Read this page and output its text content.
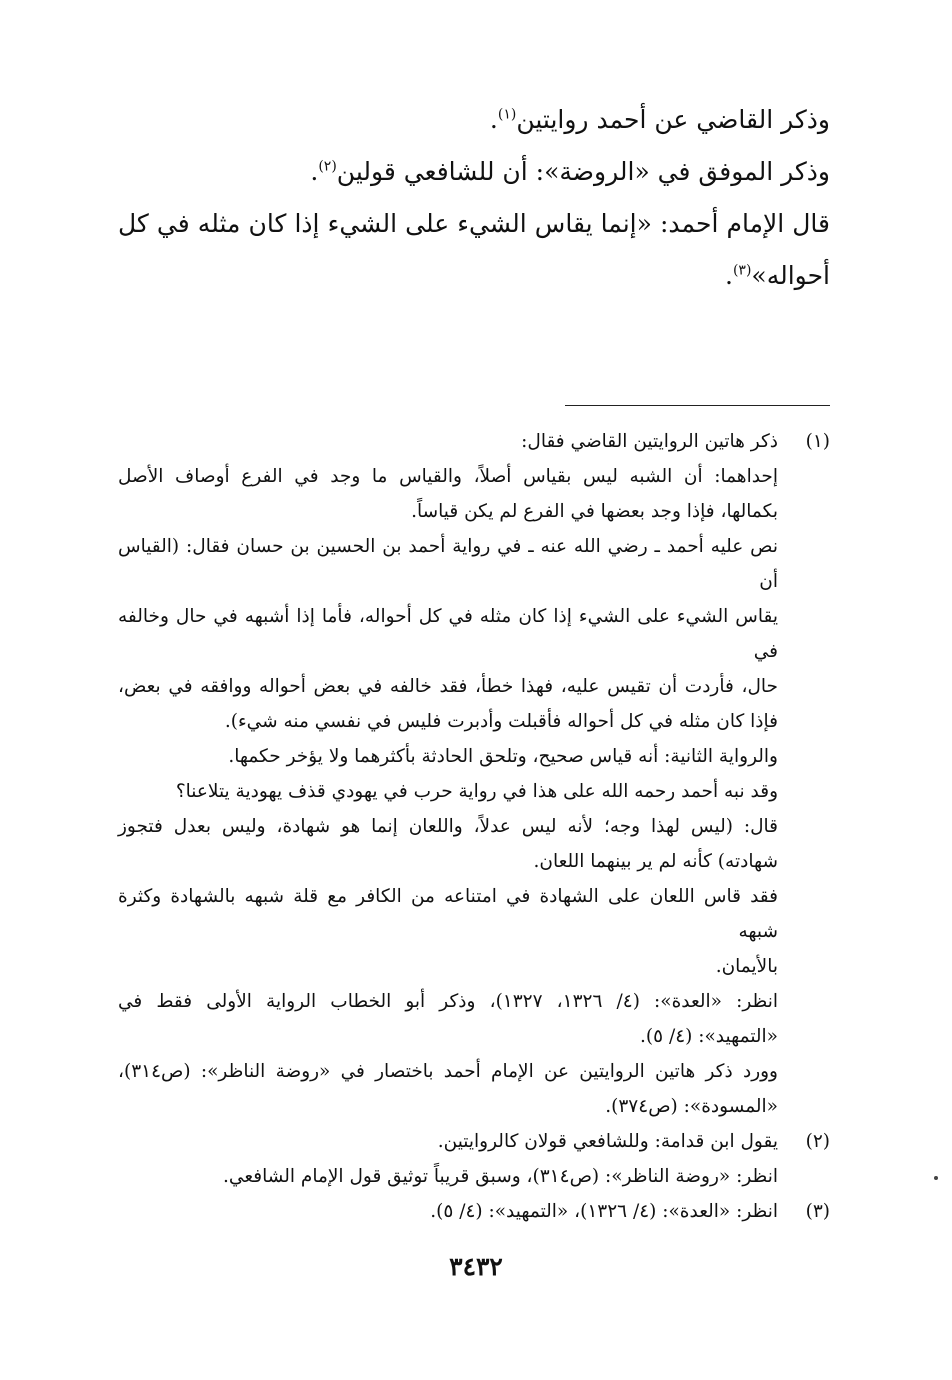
وذكر القاضي عن أحمد روايتين$^{(١)}$.

وذكر الموفق في «الروضة»: أن للشافعي قولين$^{(٢)}$.

قال الإمام أحمد: «إنما يقاس الشيء على الشيء إذا كان مثله في كل

أحواله»$^{(٣)}$.

(١)
ذكر هاتين الروايتين القاضي فقال:
إحداهما: أن الشبه ليس بقياس أصلاً، والقياس ما وجد في الفرع أوصاف الأصل
بكمالها، فإذا وجد بعضها في الفرع لم يكن قياساً.
نص عليه أحمد ـ رضي الله عنه ـ في رواية أحمد بن الحسين بن حسان فقال: (القياس أن
يقاس الشيء على الشيء إذا كان مثله في كل أحواله، فأما إذا أشبهه في حال وخالفه في
حال، فأردت أن تقيس عليه، فهذا خطأ، فقد خالفه في بعض أحواله ووافقه في بعض،
فإذا كان مثله في كل أحواله فأقبلت وأدبرت فليس في نفسي منه شيء).
والرواية الثانية: أنه قياس صحيح، وتلحق الحادثة بأكثرهما ولا يؤخر حكمها.
وقد نبه أحمد رحمه الله على هذا في رواية حرب في يهودي قذف يهودية يتلاعنا؟
قال: (ليس لهذا وجه؛ لأنه ليس عدلاً، واللعان إنما هو شهادة، وليس بعدل فتجوز
شهادته) كأنه لم ير بينهما اللعان.
فقد قاس اللعان على الشهادة في امتناعه من الكافر مع قلة شبهه بالشهادة وكثرة شبهه
بالأيمان.
انظر: «العدة»: (٤/ ١٣٢٦، ١٣٢٧)، وذكر أبو الخطاب الرواية الأولى فقط في
«التمهيد»: (٤/ ٥).
وورد ذكر هاتين الروايتين عن الإمام أحمد باختصار في «روضة الناظر»: (ص٣١٤)،
«المسودة»: (ص٣٧٤).
(٢)
يقول ابن قدامة: وللشافعي قولان كالروايتين.
انظر: «روضة الناظر»: (ص٣١٤)، وسبق قريباً توثيق قول الإمام الشافعي.
(٣)
انظر: «العدة»: (٤/ ١٣٢٦)، «التمهيد»: (٤/ ٥).
٣٤٣٢
